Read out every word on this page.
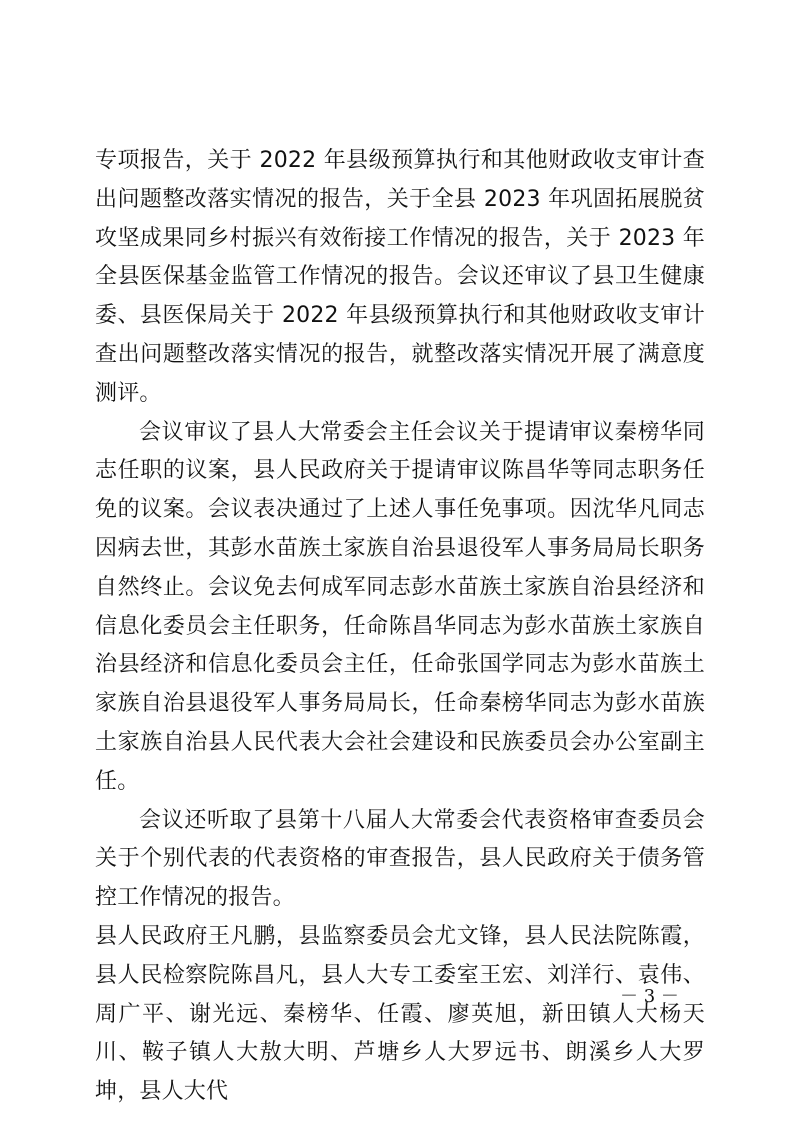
专项报告，关于 2022 年县级预算执行和其他财政收支审计查出问题整改落实情况的报告，关于全县 2023 年巩固拓展脱贫攻坚成果同乡村振兴有效衔接工作情况的报告，关于 2023 年全县医保基金监管工作情况的报告。会议还审议了县卫生健康委、县医保局关于 2022 年县级预算执行和其他财政收支审计查出问题整改落实情况的报告，就整改落实情况开展了满意度测评。

会议审议了县人大常委会主任会议关于提请审议秦榜华同志任职的议案，县人民政府关于提请审议陈昌华等同志职务任免的议案。会议表决通过了上述人事任免事项。因沈华凡同志因病去世，其彭水苗族土家族自治县退役军人事务局局长职务自然终止。会议免去何成军同志彭水苗族土家族自治县经济和信息化委员会主任职务，任命陈昌华同志为彭水苗族土家族自治县经济和信息化委员会主任，任命张国学同志为彭水苗族土家族自治县退役军人事务局局长，任命秦榜华同志为彭水苗族土家族自治县人民代表大会社会建设和民族委员会办公室副主任。

会议还听取了县第十八届人大常委会代表资格审查委员会关于个别代表的代表资格的审查报告，县人民政府关于债务管控工作情况的报告。

县人民政府王凡鹏，县监察委员会尤文锋，县人民法院陈霞，县人民检察院陈昌凡，县人大专工委室王宏、刘洋行、袁伟、周广平、谢光远、秦榜华、任霞、廖英旭，新田镇人大杨天川、鞍子镇人大敖大明、芦塘乡人大罗远书、朗溪乡人大罗坤，县人大代

－ 3 －
